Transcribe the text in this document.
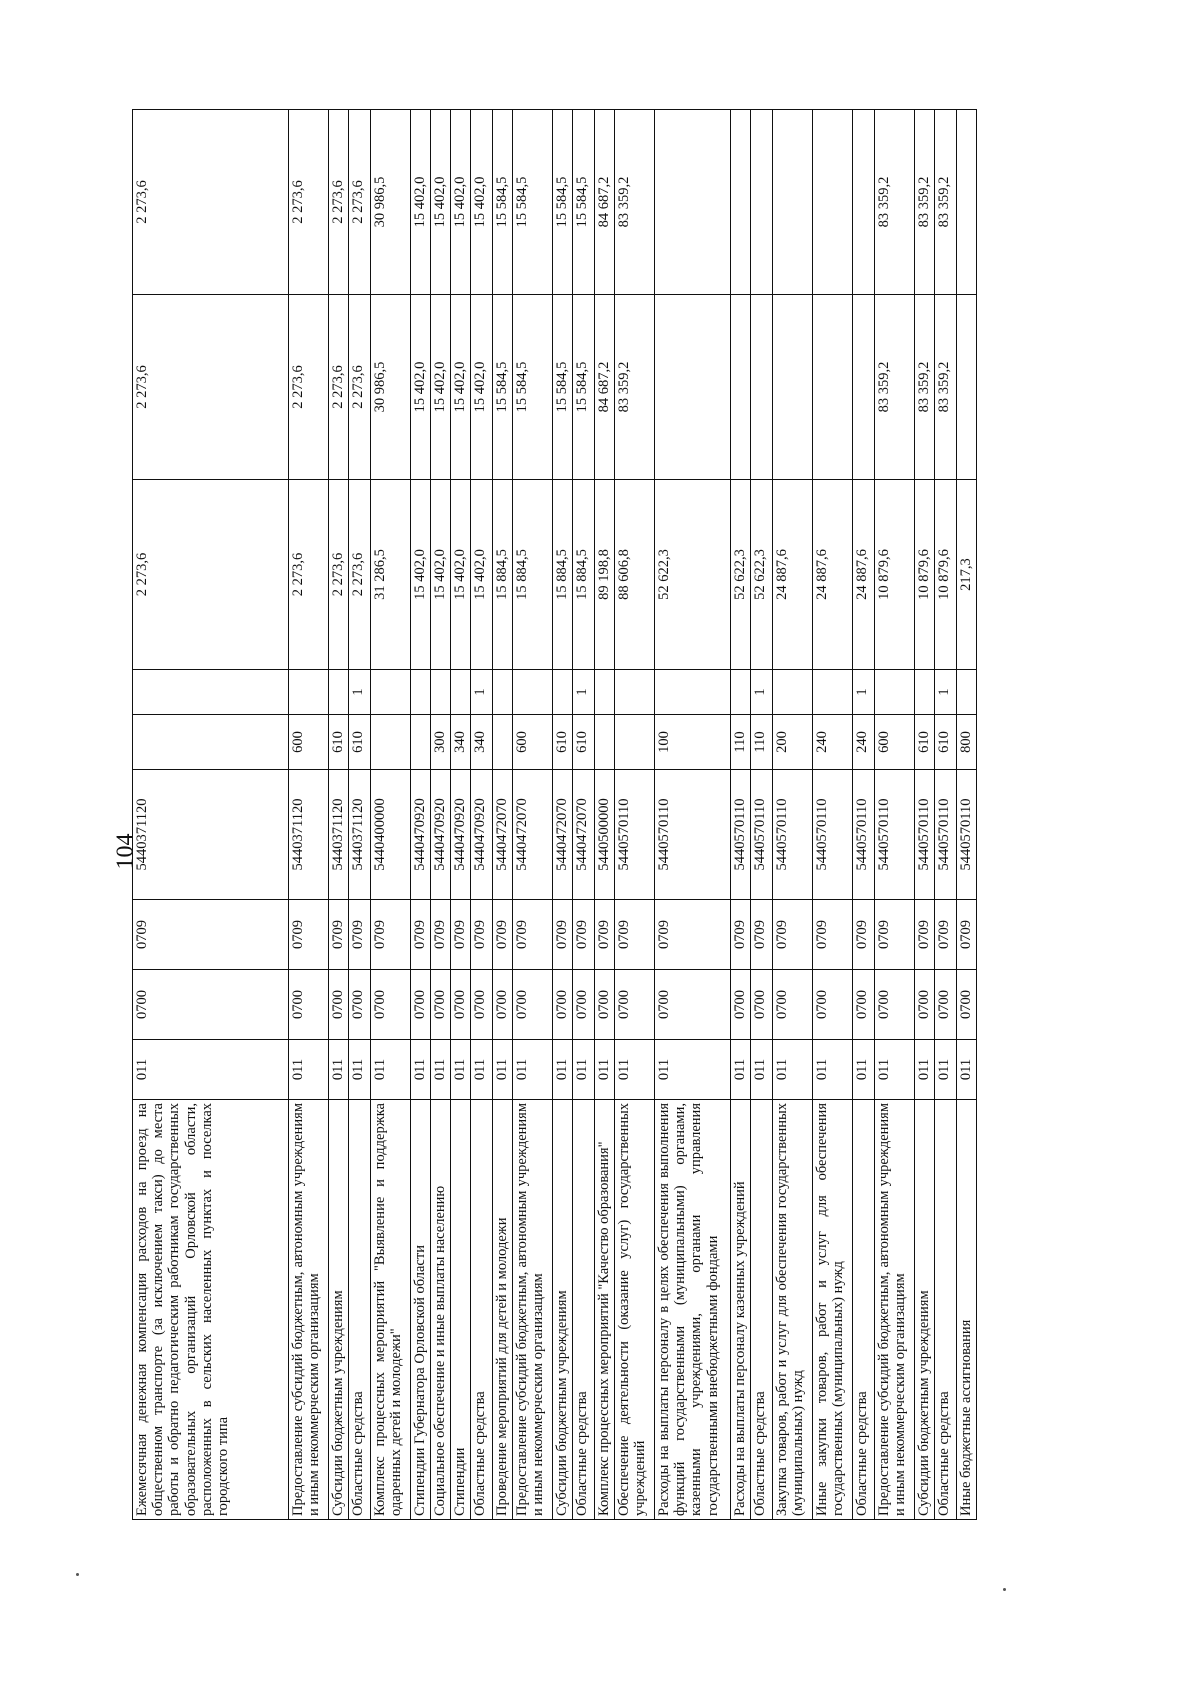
104
Ежемесячная денежная компенсация расходов на проезд на общественном транспорте (за исключением такси) до места работы и обратно педагогическим работникам государственных образовательных организаций Орловской области, расположенных в сельских населенных пунктах и поселках городского типа	011	0700	0709	5440371120			2 273,6	2 273,6	2 273,6
Предоставление субсидий бюджетным, автономным учреждениям и иным некоммерческим организациям	011	0700	0709	5440371120	600		2 273,6	2 273,6	2 273,6
Субсидии бюджетным учреждениям	011	0700	0709	5440371120	610		2 273,6	2 273,6	2 273,6
Областные средства	011	0700	0709	5440371120	610	1	2 273,6	2 273,6	2 273,6
Комплекс процессных мероприятий "Выявление и поддержка одаренных детей и молодежи"	011	0700	0709	5440400000			31 286,5	30 986,5	30 986,5
Стипендии Губернатора Орловской области	011	0700	0709	5440470920			15 402,0	15 402,0	15 402,0
Социальное обеспечение и иные выплаты населению	011	0700	0709	5440470920	300		15 402,0	15 402,0	15 402,0
Стипендии	011	0700	0709	5440470920	340		15 402,0	15 402,0	15 402,0
Областные средства	011	0700	0709	5440470920	340	1	15 402,0	15 402,0	15 402,0
Проведение мероприятий для детей и молодежи	011	0700	0709	5440472070			15 884,5	15 584,5	15 584,5
Предоставление субсидий бюджетным, автономным учреждениям и иным некоммерческим организациям	011	0700	0709	5440472070	600		15 884,5	15 584,5	15 584,5
Субсидии бюджетным учреждениям	011	0700	0709	5440472070	610		15 884,5	15 584,5	15 584,5
Областные средства	011	0700	0709	5440472070	610	1	15 884,5	15 584,5	15 584,5
Комплекс процессных мероприятий "Качество образования"	011	0700	0709	5440500000			89 198,8	84 687,2	84 687,2
Обеспечение деятельности (оказание услуг) государственных учреждений	011	0700	0709	5440570110			88 606,8	83 359,2	83 359,2
Расходы на выплаты персоналу в целях обеспечения выполнения функций государственными (муниципальными) органами, казенными учреждениями, органами управления государственными внебюджетными фондами	011	0700	0709	5440570110	100		52 622,3		
Расходы на выплаты персоналу казенных учреждений	011	0700	0709	5440570110	110		52 622,3		
Областные средства	011	0700	0709	5440570110	110	1	52 622,3		
Закупка товаров, работ и услуг для обеспечения государственных (муниципальных) нужд	011	0700	0709	5440570110	200		24 887,6		
Иные закупки товаров, работ и услуг для обеспечения государственных (муниципальных) нужд	011	0700	0709	5440570110	240		24 887,6		
Областные средства	011	0700	0709	5440570110	240	1	24 887,6		
Предоставление субсидий бюджетным, автономным учреждениям и иным некоммерческим организациям	011	0700	0709	5440570110	600		10 879,6	83 359,2	83 359,2
Субсидии бюджетным учреждениям	011	0700	0709	5440570110	610		10 879,6	83 359,2	83 359,2
Областные средства	011	0700	0709	5440570110	610	1	10 879,6	83 359,2	83 359,2
Иные бюджетные ассигнования	011	0700	0709	5440570110	800		217,3		
